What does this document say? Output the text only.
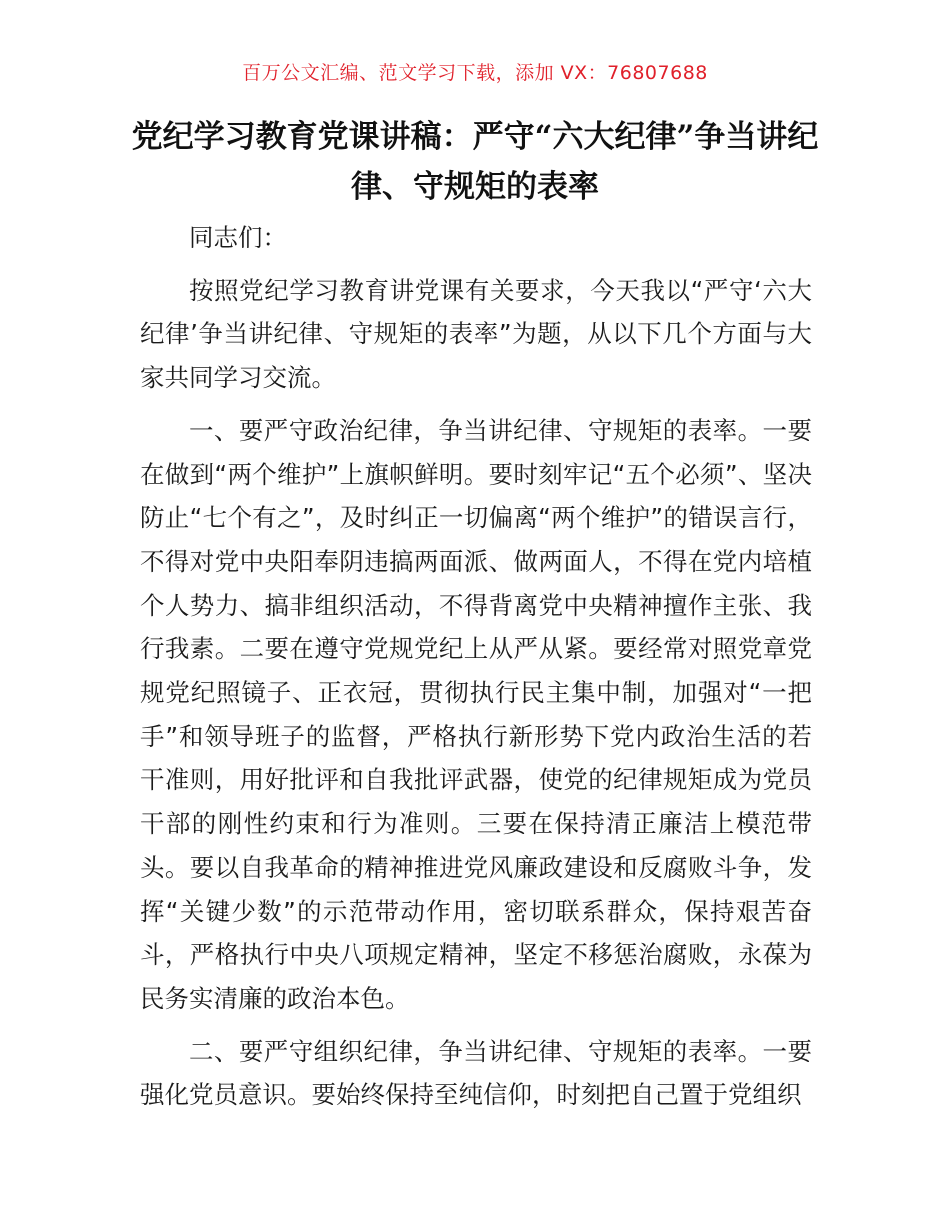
百万公文汇编、范文学习下载，添加 VX：76807688
党纪学习教育党课讲稿：严守“六大纪律”争当讲纪律、守规矩的表率

同志们：

按照党纪学习教育讲党课有关要求，今天我以“严守‘六大纪律’争当讲纪律、守规矩的表率”为题，从以下几个方面与大家共同学习交流。

一、要严守政治纪律，争当讲纪律、守规矩的表率。一要在做到“两个维护”上旗帜鲜明。要时刻牢记“五个必须”、坚决防止“七个有之”，及时纠正一切偏离“两个维护”的错误言行，不得对党中央阳奉阴违搞两面派、做两面人，不得在党内培植个人势力、搞非组织活动，不得背离党中央精神擅作主张、我行我素。二要在遵守党规党纪上从严从紧。要经常对照党章党规党纪照镜子、正衣冠，贯彻执行民主集中制，加强对“一把手”和领导班子的监督，严格执行新形势下党内政治生活的若干准则，用好批评和自我批评武器，使党的纪律规矩成为党员干部的刚性约束和行为准则。三要在保持清正廉洁上模范带头。要以自我革命的精神推进党风廉政建设和反腐败斗争，发挥“关键少数”的示范带动作用，密切联系群众，保持艰苦奋斗，严格执行中央八项规定精神，坚定不移惩治腐败，永葆为民务实清廉的政治本色。

二、要严守组织纪律，争当讲纪律、守规矩的表率。一要强化党员意识。要始终保持至纯信仰，时刻把自己置于党组织
